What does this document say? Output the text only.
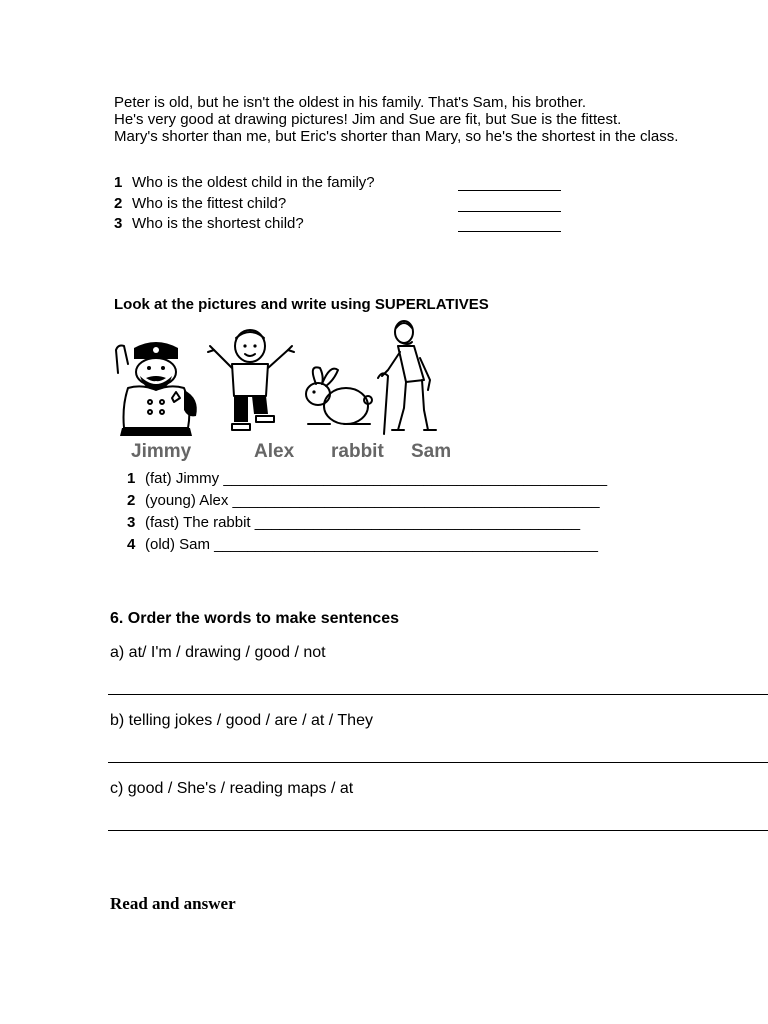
Peter is old, but he isn't the oldest in his family. That's Sam, his brother.
He's very good at drawing pictures! Jim and Sue are fit, but Sue is the fittest.
Mary's shorter than me, but Eric's shorter than Mary, so he's the shortest in the class.
1 Who is the oldest child in the family?
2 Who is the fittest child?
3 Who is the shortest child?
Look at the pictures and write using SUPERLATIVES
Jimmy	Alex rabbit Sam
1 (fat) Jimmy ______________________________________________
2 (young) Alex ____________________________________________
3 (fast) The rabbit _______________________________________
4 (old) Sam ______________________________________________
6. Order the words to make sentences
a) at/ I'm / drawing / good / not
b) telling jokes / good / are / at / They
c) good / She's / reading maps / at
Read and answer
